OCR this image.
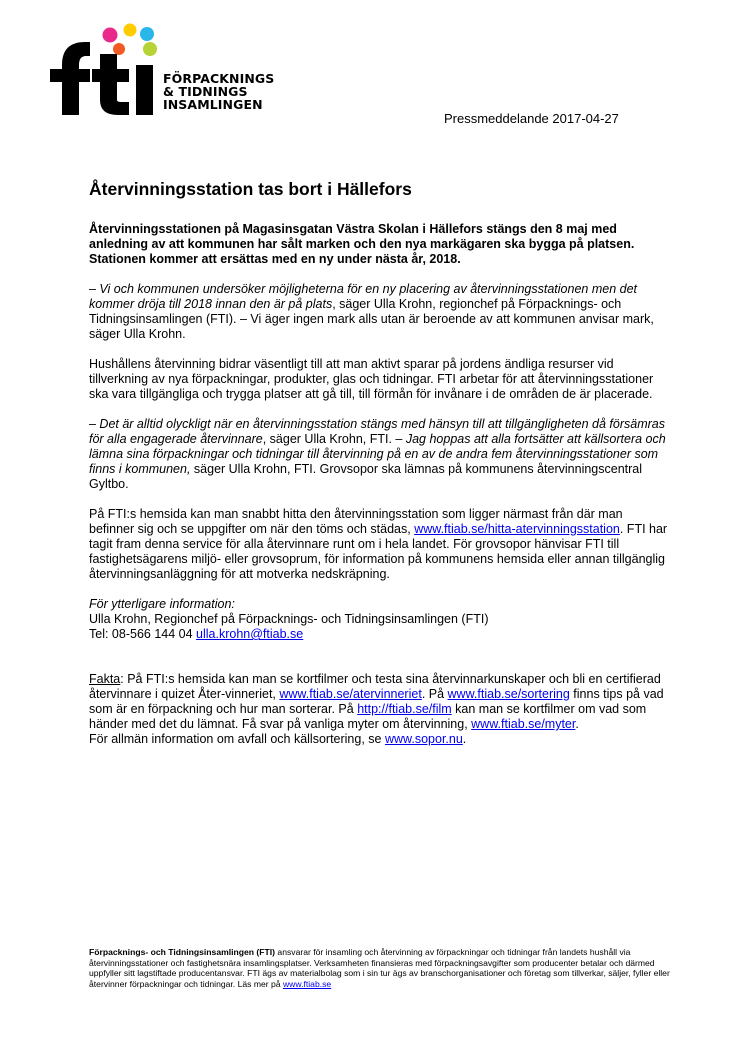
FÖRPACKNINGS
& TIDNINGS
INSAMLINGEN
Pressmeddelande 2017-04-27
Återvinningsstation tas bort i Hällefors

Återvinningsstationen på Magasinsgatan Västra Skolan i Hällefors stängs den 8 maj med anledning av att kommunen har sålt marken och den nya markägaren ska bygga på platsen. Stationen kommer att ersättas med en ny under nästa år, 2018.

– Vi och kommunen undersöker möjligheterna för en ny placering av återvinningsstationen men det kommer dröja till 2018 innan den är på plats, säger Ulla Krohn, regionchef på Förpacknings- och Tidningsinsamlingen (FTI). – Vi äger ingen mark alls utan är beroende av att kommunen anvisar mark, säger Ulla Krohn.

Hushållens återvinning bidrar väsentligt till att man aktivt sparar på jordens ändliga resurser vid tillverkning av nya förpackningar, produkter, glas och tidningar. FTI arbetar för att återvinningsstationer ska vara tillgängliga och trygga platser att gå till, till förmån för invånare i de områden de är placerade.

– Det är alltid olyckligt när en återvinningsstation stängs med hänsyn till att tillgängligheten då försämras för alla engagerade återvinnare, säger Ulla Krohn, FTI. – Jag hoppas att alla fortsätter att källsortera och lämna sina förpackningar och tidningar till återvinning på en av de andra fem återvinningsstationer som finns i kommunen, säger Ulla Krohn, FTI. Grovsopor ska lämnas på kommunens återvinningscentral Gyltbo.

På FTI:s hemsida kan man snabbt hitta den återvinningsstation som ligger närmast från där man befinner sig och se uppgifter om när den töms och städas, www.ftiab.se/hitta-atervinningsstation. FTI har tagit fram denna service för alla återvinnare runt om i hela landet. För grovsopor hänvisar FTI till fastighetsägarens miljö- eller grovsoprum, för information på kommunens hemsida eller annan tillgänglig återvinningsanläggning för att motverka nedskräpning.

För ytterligare information:

Ulla Krohn, Regionchef på Förpacknings- och Tidningsinsamlingen (FTI)

Tel: 08-566 144 04 ulla.krohn@ftiab.se

Fakta: På FTI:s hemsida kan man se kortfilmer och testa sina återvinnarkunskaper och bli en certifierad återvinnare i quizet Åter-vinneriet, www.ftiab.se/atervinneriet. På www.ftiab.se/sortering finns tips på vad som är en förpackning och hur man sorterar. På http://ftiab.se/film kan man se kortfilmer om vad som händer med det du lämnat. Få svar på vanliga myter om återvinning, www.ftiab.se/myter.

För allmän information om avfall och källsortering, se www.sopor.nu.

Förpacknings- och Tidningsinsamlingen (FTI) ansvarar för insamling och återvinning av förpackningar och tidningar från landets hushåll via återvinningsstationer och fastighetsnära insamlingsplatser. Verksamheten finansieras med förpackningsavgifter som producenter betalar och därmed uppfyller sitt lagstiftade producentansvar. FTI ägs av materialbolag som i sin tur ägs av branschorganisationer och företag som tillverkar, säljer, fyller eller återvinner förpackningar och tidningar. Läs mer på www.ftiab.se
